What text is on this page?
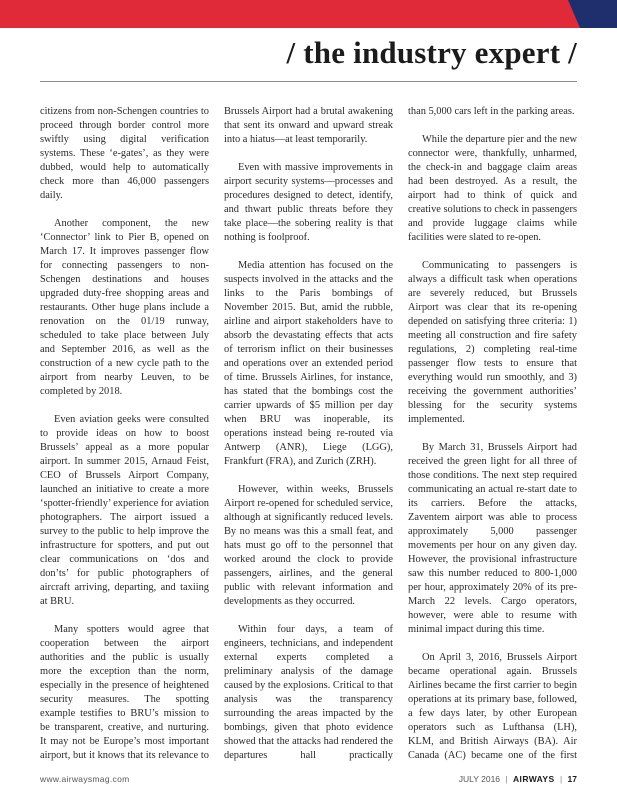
/ the industry expert /

citizens from non-Schengen countries to proceed through border control more swiftly using digital verification systems. These ‘e-gates’, as they were dubbed, would help to automatically check more than 46,000 passengers daily.

Another component, the new ‘Connector’ link to Pier B, opened on March 17. It improves passenger flow for connecting passengers to non-Schengen destinations and houses upgraded duty-free shopping areas and restaurants. Other huge plans include a renovation on the 01/19 runway, scheduled to take place between July and September 2016, as well as the construction of a new cycle path to the airport from nearby Leuven, to be completed by 2018.

Even aviation geeks were consulted to provide ideas on how to boost Brussels’ appeal as a more popular airport. In summer 2015, Arnaud Feist, CEO of Brussels Airport Company, launched an initiative to create a more ‘spotter-friendly’ experience for aviation photographers. The airport issued a survey to the public to help improve the infrastructure for spotters, and put out clear communications on ‘dos and don’ts’ for public photographers of aircraft arriving, departing, and taxiing at BRU.

Many spotters would agree that cooperation between the airport authorities and the public is usually more the exception than the norm, especially in the presence of heightened security measures. The spotting example testifies to BRU’s mission to be transparent, creative, and nurturing. It may not be Europe’s most important airport, but it knows that its relevance to

Brussels Airport had a brutal awakening that sent its onward and upward streak into a hiatus—at least temporarily.

Even with massive improvements in airport security systems—processes and procedures designed to detect, identify, and thwart public threats before they take place—the sobering reality is that nothing is foolproof.

Media attention has focused on the suspects involved in the attacks and the links to the Paris bombings of November 2015. But, amid the rubble, airline and airport stakeholders have to absorb the devastating effects that acts of terrorism inflict on their businesses and operations over an extended period of time. Brussels Airlines, for instance, has stated that the bombings cost the carrier upwards of $5 million per day when BRU was inoperable, its operations instead being re-routed via Antwerp (ANR), Liege (LGG), Frankfurt (FRA), and Zurich (ZRH).

However, within weeks, Brussels Airport re-opened for scheduled service, although at significantly reduced levels. By no means was this a small feat, and hats must go off to the personnel that worked around the clock to provide passengers, airlines, and the general public with relevant information and developments as they occurred.

Within four days, a team of engineers, technicians, and independent external experts completed a preliminary analysis of the damage caused by the explosions. Critical to that analysis was the transparency surrounding the areas impacted by the bombings, given that photo evidence showed that the attacks had rendered the departures hall practically

than 5,000 cars left in the parking areas.

While the departure pier and the new connector were, thankfully, unharmed, the check-in and baggage claim areas had been destroyed. As a result, the airport had to think of quick and creative solutions to check in passengers and provide luggage claims while facilities were slated to re-open.

Communicating to passengers is always a difficult task when operations are severely reduced, but Brussels Airport was clear that its re-opening depended on satisfying three criteria: 1) meeting all construction and fire safety regulations, 2) completing real-time passenger flow tests to ensure that everything would run smoothly, and 3) receiving the government authorities’ blessing for the security systems implemented.

By March 31, Brussels Airport had received the green light for all three of those conditions. The next step required communicating an actual re-start date to its carriers. Before the attacks, Zaventem airport was able to process approximately 5,000 passenger movements per hour on any given day. However, the provisional infrastructure saw this number reduced to 800-1,000 per hour, approximately 20% of its pre-March 22 levels. Cargo operators, however, were able to resume with minimal impact during this time.

On April 3, 2016, Brussels Airport became operational again. Brussels Airlines became the first carrier to begin operations at its primary base, followed, a few days later, by other European operators such as Lufthansa (LH), KLM, and British Airways (BA). Air Canada (AC) became one of the first

www.airwaysmag.com	JULY 2016 | AIRWAYS | 17
